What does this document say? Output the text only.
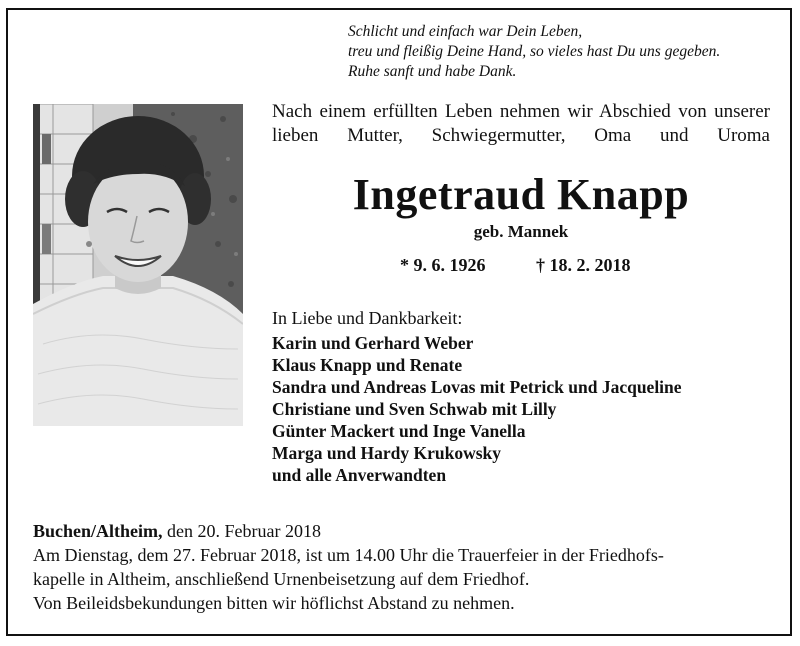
Schlicht und einfach war Dein Leben,
treu und fleißig Deine Hand, so vieles hast Du uns gegeben.
Ruhe sanft und habe Dank.
Nach einem erfüllten Leben nehmen wir Abschied von unserer lieben Mutter, Schwiegermutter, Oma und Uroma
Ingetraud Knapp
geb. Mannek
* 9. 6. 1926	† 18. 2. 2018
In Liebe und Dankbarkeit:
Karin und Gerhard Weber
Klaus Knapp und Renate
Sandra und Andreas Lovas mit Petrick und Jacqueline
Christiane und Sven Schwab mit Lilly
Günter Mackert und Inge Vanella
Marga und Hardy Krukowsky
und alle Anverwandten
Buchen/Altheim, den 20. Februar 2018
Am Dienstag, dem 27. Februar 2018, ist um 14.00 Uhr die Trauerfeier in der Friedhofs-
kapelle in Altheim, anschließend Urnenbeisetzung auf dem Friedhof.
Von Beileidsbekundungen bitten wir höflichst Abstand zu nehmen.
